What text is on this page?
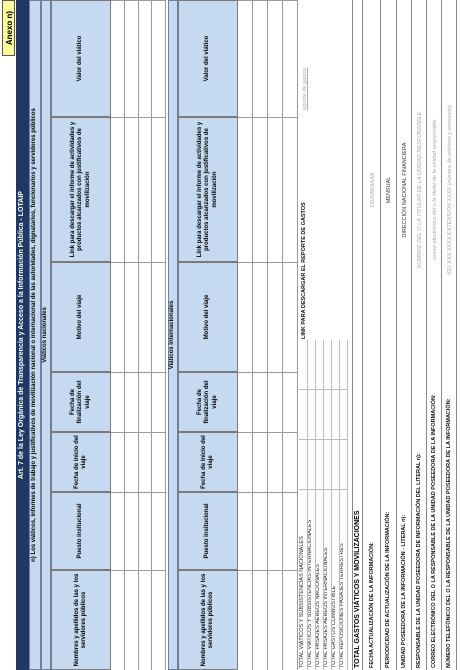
Anexo n)
Art. 7 de la Ley Orgánica de Transparencia y Acceso a la Información Pública - LOTAIP	n) Los viáticos, informes de trabajo y justificativos de movilización nacional o internacional de las autoridades, dignatarios, funcionarios y servidores públicos Viáticos nacionales
Nombres y apellidos de las y los servidores públicos
Puesto insitucional
Fecha de inicio del viaje
Fecha de finalización del viaje
Motivo del viaje
Link para descargar el informe de actividades y productos alcanzados con justificativos de movilización
Valor del viático
Viáticos internacionales
Nombres y apellidos de las y los servidores públicos
Puesto insitucional
Fecha de inicio del viaje
Fecha de finalización del viaje
Motivo del viaje
Link para descargar el informe de actividades y productos alcanzados con justificativos de movilización
Valor del viático
TOTAL VIÁTICOS Y SUBSISTENCIAS NACIONALES TOTAL VIÁTICOS Y SUBSISTENCIAS INTERNACIONALES TOTAL PASAJES AÉREOS NACIONALES TOTAL PASAJES AÉREOS INTERNACIONALES TOTAL GASTOS COMBUSTIBLE TOTAL REPOSICIONES PASAJES TERRESTRES
LINK PARA DESCARGAR EL REPORTE DE GASTOS
reporte de gastos
TOTAL GASTOS VIÁTICOS Y MOVILIZACIONES FECHA ACTUALIZACIÓN DE LA INFORMACIÓN:
DD/MM/AAAA
PERIODICIDAD DE ACTUALIZACIÓN DE LA INFORMACIÓN:
MENSUAL
UNIDAD POSEEDORA DE LA INFORMACIÓN - LITERAL n):
DIRECCIÓN NACIONAL FINANCIERA
RESPONSABLE DE LA UNIDAD POSEEDORA DE INFORMACIÓN DEL LITERAL n):
NOMBRE DEL O LA TITULAR DE LA UNIDAD RESPONSABLE
CORREO ELECTRÓNICO DEL O LA RESPONSABLE DE LA UNIDAD POSEEDORA DE LA INFORMACIÓN:
correo electrónico del o la titular de la unidad responsable
NÚMERO TELEFÓNICO DEL O LA RESPONSABLE DE LA UNIDAD POSEEDORA DE LA INFORMACIÓN:
(02) XXX XXXX EXTENSIÓN XXXX (número de teléfono y extensión)
